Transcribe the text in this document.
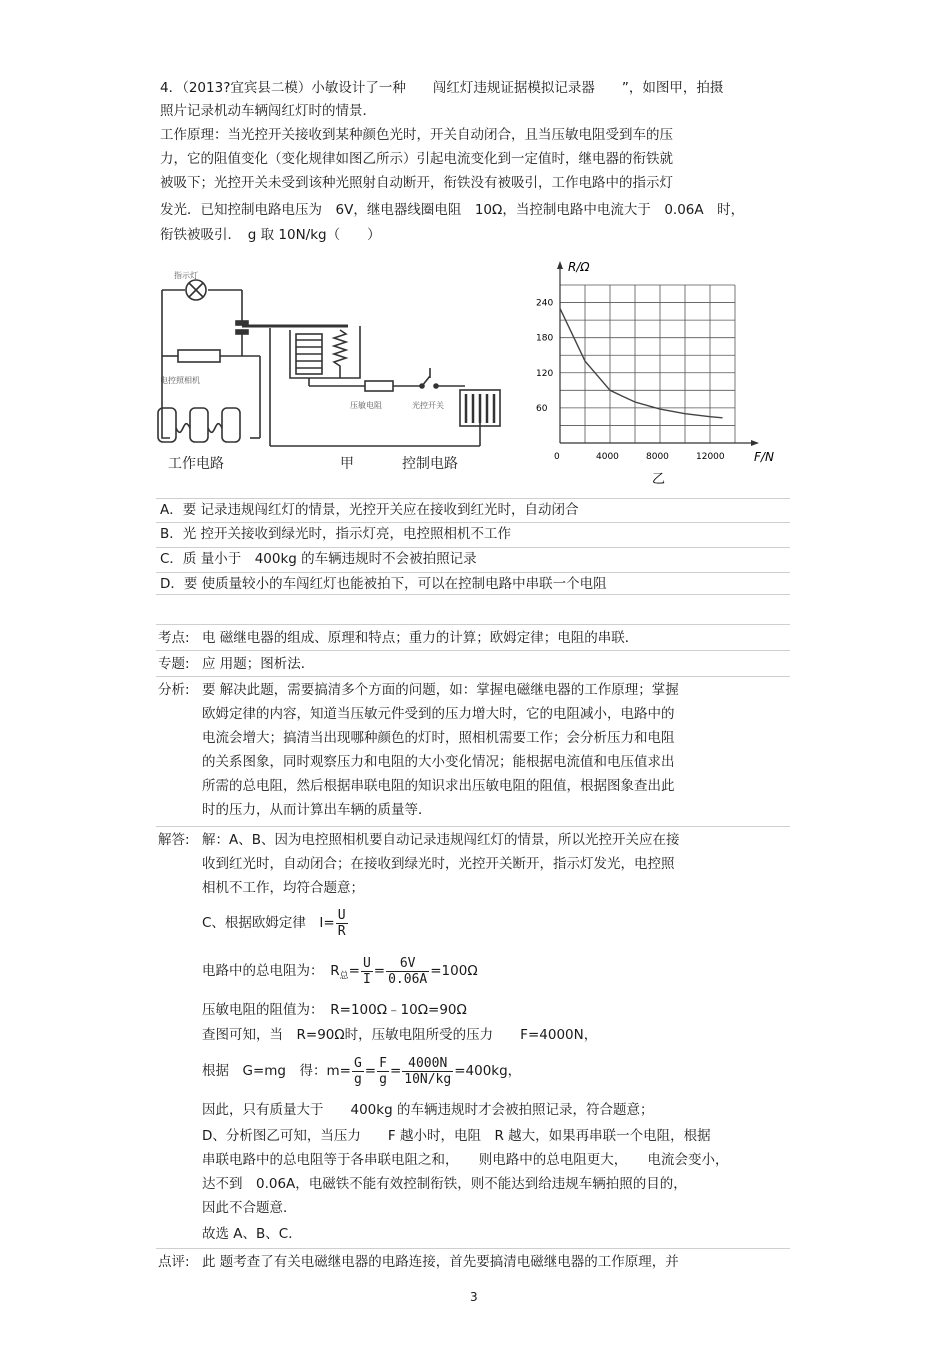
4．（2013?宜宾县二模）小敏设计了一种　　闯红灯违规证据模拟记录器　　”，如图甲，拍摄
照片记录机动车辆闯红灯时的情景．
工作原理：当光控开关接收到某种颜色光时，开关自动闭合，且当压敏电阻受到车的压
力，它的阻值变化（变化规律如图乙所示）引起电流变化到一定值时，继电器的衔铁就
被吸下；光控开关未受到该种光照射自动断开，衔铁没有被吸引，工作电路中的指示灯
发光．已知控制电路电压为　6V，继电器线圈电阻　10Ω，当控制电路中电流大于　0.06A　时，
衔铁被吸引．　g 取 10N/kg（　　）
指示灯
电控照相机
压敏电阻	光控开关
工作电路	甲	控制电路	0	4000	8000	12000
60
120
180
240
R/Ω
F/N
乙
A．要 记录违规闯红灯的情景，光控开关应在接收到红光时，自动闭合
B．光 控开关接收到绿光时，指示灯亮，电控照相机不工作
C．质 量小于　400kg 的车辆违规时不会被拍照记录
D．要 使质量较小的车闯红灯也能被拍下，可以在控制电路中串联一个电阻
考点: 电 磁继电器的组成、原理和特点；重力的计算；欧姆定律；电阻的串联．
专题: 应 用题；图析法．
分析: 要 解决此题，需要搞清多个方面的问题，如：掌握电磁继电器的工作原理；掌握
欧姆定律的内容，知道当压敏元件受到的压力增大时，它的电阻减小，电路中的
电流会增大；搞清当出现哪种颜色的灯时，照相机需要工作；会分析压力和电阻
的关系图象，同时观察压力和电阻的大小变化情况；能根据电流值和电压值求出
所需的总电阻，然后根据串联电阻的知识求出压敏电阻的阻值，根据图象查出此
时的压力，从而计算出车辆的质量等．
解答: 解：A、B、因为电控照相机要自动记录违规闯红灯的情景，所以光控开关应在接
收到红光时，自动闭合；在接收到绿光时，光控开关断开，指示灯发光，电控照
相机不工作，均符合题意；
C、根据欧姆定律　$I= \frac{U}{R}$
电路中的总电阻为：　$R_总= \frac{U}{I} = \frac{6V}{0.06A} =100\Omega$
压敏电阻的阻值为：　R=100Ω﹣10Ω=90Ω
查图可知，当　R=90Ω时，压敏电阻所受的压力　　F=4000N，
根据　G=mg　得：$m= \frac{G}{g} = \frac{F}{g} = \frac{4000N}{10N/kg} =400kg$，
因此，只有质量大于　　400kg 的车辆违规时才会被拍照记录，符合题意；
D、分析图乙可知，当压力　　F 越小时，电阻　R 越大，如果再串联一个电阻，根据
串联电路中的总电阻等于各串联电阻之和，　　则电路中的总电阻更大，　　电流会变小，
达不到　0.06A，电磁铁不能有效控制衔铁，则不能达到给违规车辆拍照的目的，
因此不合题意．
故选 A、B、C．
点评: 此 题考查了有关电磁继电器的电路连接，首先要搞清电磁继电器的工作原理，并
3
